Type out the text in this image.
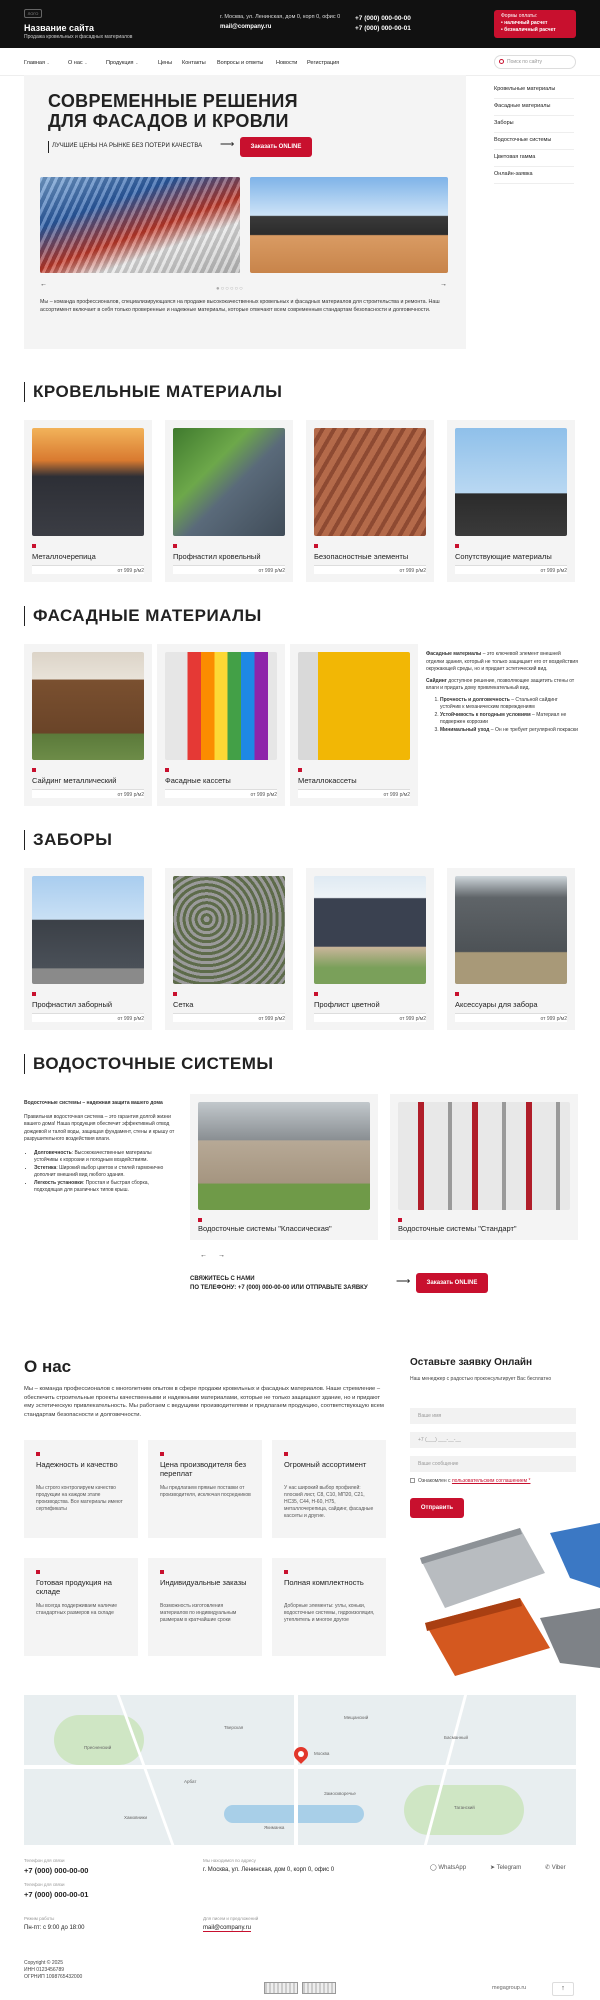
ЛОГО
Название сайта
Продажа кровельных и фасадных материалов
г. Москва, ул. Ленинская, дом 0, корп 0, офис 0
mail@company.ru
+7 (000) 000-00-00
+7 (000) 000-00-01
Формы оплаты:
• наличный расчет
• безналичный расчет
Главная ⌄	О нас ⌄	Продукция ⌄	Цены Контакты Вопросы и ответы Новости Регистрация	Поиск по сайту
СОВРЕМЕННЫЕ РЕШЕНИЯ
ДЛЯ ФАСАДОВ И КРОВЛИ
ЛУЧШИЕ ЦЕНЫ НА РЫНКЕ БЕЗ ПОТЕРИ КАЧЕСТВА ⟶	Заказать ONLINE
←
●○○○○○
→
Мы – команда профессионалов, специализирующаяся на продаже высококачественных кровельных и фасадных материалов для строительства и ремонта. Наш ассортимент включает в себя только проверенные и надежные материалы, которые отвечают всем современным стандартам безопасности и долговечности.
Кровельные материалы
Фасадные материалы
Заборы
Водосточные системы
Цветовая гамма
Онлайн-заявка
КРОВЕЛЬНЫЕ МАТЕРИАЛЫ
Металлочерепица
от 999 р/м2
Профнастил кровельный
от 999 р/м2
Безопасностные элементы
от 999 р/м2
Сопутствующие материалы
от 999 р/м2
ФАСАДНЫЕ МАТЕРИАЛЫ
Сайдинг металлический
от 999 р/м2
Фасадные кассеты
от 999 р/м2
Металлокассеты
от 999 р/м2

Фасадные материалы – это ключевой элемент внешней отделки здания, который не только защищает его от воздействия окружающей среды, но и придает эстетический вид.

Сайдинг доступное решение, позволяющее защитить стены от влаги и придать дому привлекательный вид.

1. Прочность и долговечность – Стальной сайдинг устойчив к механическим повреждениям
2. Устойчивость к погодным условиям – Материал не подвержен коррозии
3. Минимальный уход – Он не требует регулярной покраски
ЗАБОРЫ
Профнастил заборный
от 999 р/м2
Сетка
от 999 р/м2
Профлист цветной
от 999 р/м2
Аксессуары для забора
от 999 р/м2
ВОДОСТОЧНЫЕ СИСТЕМЫ

Водосточные системы – надежная защита вашего дома

Правильная водосточная система – это гарантия долгой жизни вашего дома! Наша продукция обеспечит эффективный отвод дождевой и талой воды, защищая фундамент, стены и крышу от разрушительного воздействия влаги.

• Долговечность: Высококачественные материалы устойчивы к коррозии и погодным воздействиям.
• Эстетика: Широкий выбор цветов и стилей гармонично дополнит внешний вид любого здания.
• Легкость установки: Простая и быстрая сборка, подходящая для различных типов крыш.
Водосточные системы "Классическая"	Водосточные системы "Стандарт"
← →
СВЯЖИТЕСЬ С НАМИ
ПО ТЕЛЕФОНУ: +7 (000) 000-00-00 ИЛИ ОТПРАВЬТЕ ЗАЯВКУ
⟶	Заказать ONLINE
О нас
Мы – команда профессионалов с многолетним опытом в сфере продажи кровельных и фасадных материалов. Наше стремление – обеспечить строительные проекты качественными и надежными материалами, которые не только защищают здание, но и придают ему эстетическую привлекательность. Мы работаем с ведущими производителями и предлагаем продукцию, соответствующую всем стандартам безопасности и долговечности.
Надежность и качество
Мы строго контролируем качество продукции на каждом этапе производства. Все материалы имеют сертификаты
Цена производителя без переплат
Мы предлагаем прямые поставки от производителя, исключая посредников
Огромный ассортимент
У нас широкий выбор профилей: плоский лист, С8, С10, МП20, С21, НС35, С44, Н-60, Н75, металлочерепица, сайдинг, фасадные кассеты и другие.
Готовая продукция на складе
Мы всегда поддерживаем наличие стандартных размеров на складе
Индивидуальные заказы
Возможность изготовления материалов по индивидуальным размерам в кратчайшие сроки
Полная комплектность
Доборные элементы: углы, коньки, водосточные системы, гидроизоляция, утеплитель и многое другое
Оставьте заявку Онлайн
Наш менеджер с радостью проконсультирует Вас бесплатно
Ваше имя
+7 (___) ___-__-__
Ваше сообщение
Ознакомлен с пользовательским соглашением *
Отправить
Москва
Тверская
Арбат
Замоскворечье
Хамовники
Якиманка
Пресненский
Мещанский
Басманный
Таганский
Телефон для связи
+7 (000) 000-00-00
Телефон для связи
+7 (000) 000-00-01
Мы находимся по адресу
г. Москва, ул. Ленинская, дом 0, корп 0, офис 0	◯ WhatsApp	➤ Telegram	✆ Viber
Режим работы
Пн-пт: с 9:00 до 18:00
Для писем и предложений
mail@company.ru
Copyright © 2025
ИНН 0123456789
ОГРНИП 1098765432000
megagroup.ru	↑
